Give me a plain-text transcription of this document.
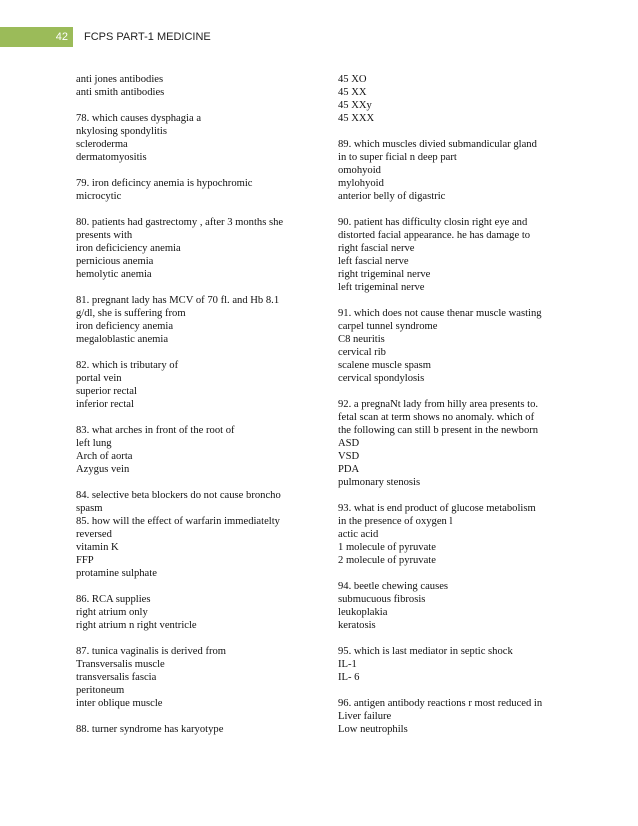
42	FCPS PART-1 MEDICINE
anti jones antibodies
anti smith antibodies
78. which causes dysphagia a
nkylosing spondylitis
scleroderma
dermatomyositis
79. iron deficincy anemia is hypochromic
microcytic
80. patients had gastrectomy , after 3 months she
presents with
iron deficiciency anemia
pernicious anemia
hemolytic anemia
81. pregnant lady has MCV of 70 fl. and Hb 8.1
g/dl, she is suffering from
iron deficiency anemia
megaloblastic anemia
82. which is tributary of
portal vein
superior rectal
inferior rectal
83. what arches in front of the root of
left lung
Arch of aorta
Azygus vein
84. selective beta blockers do not cause broncho
spasm
85. how will the effect of warfarin immediatelty
reversed
vitamin K
FFP
protamine sulphate
86. RCA supplies
right atrium only
right atrium n right ventricle
87. tunica vaginalis is derived from
Transversalis muscle
transversalis fascia
peritoneum
inter oblique muscle
88. turner syndrome has karyotype
45 XO
45 XX
45 XXy
45 XXX
89. which muscles divied submandicular gland
in to super ficial n deep part
omohyoid
mylohyoid
anterior belly of digastric
90. patient has difficulty closin right eye and
distorted facial appearance. he has damage to
right fascial nerve
left fascial nerve
right trigeminal nerve
left trigeminal nerve
91. which does not cause thenar muscle wasting
carpel tunnel syndrome
C8 neuritis
cervical rib
scalene muscle spasm
cervical spondylosis
92. a pregnaNt lady from hilly area presents to.
fetal scan at term shows no anomaly. which of
the following can still b present in the newborn
ASD
VSD
PDA
pulmonary stenosis
93. what is end product of glucose metabolism
in the presence of oxygen l
actic acid
1 molecule of pyruvate
2 molecule of pyruvate
94. beetle chewing causes
submucuous fibrosis
leukoplakia
keratosis
95. which is last mediator in septic shock
IL-1
IL- 6
96. antigen antibody reactions r most reduced in
Liver failure
Low neutrophils
